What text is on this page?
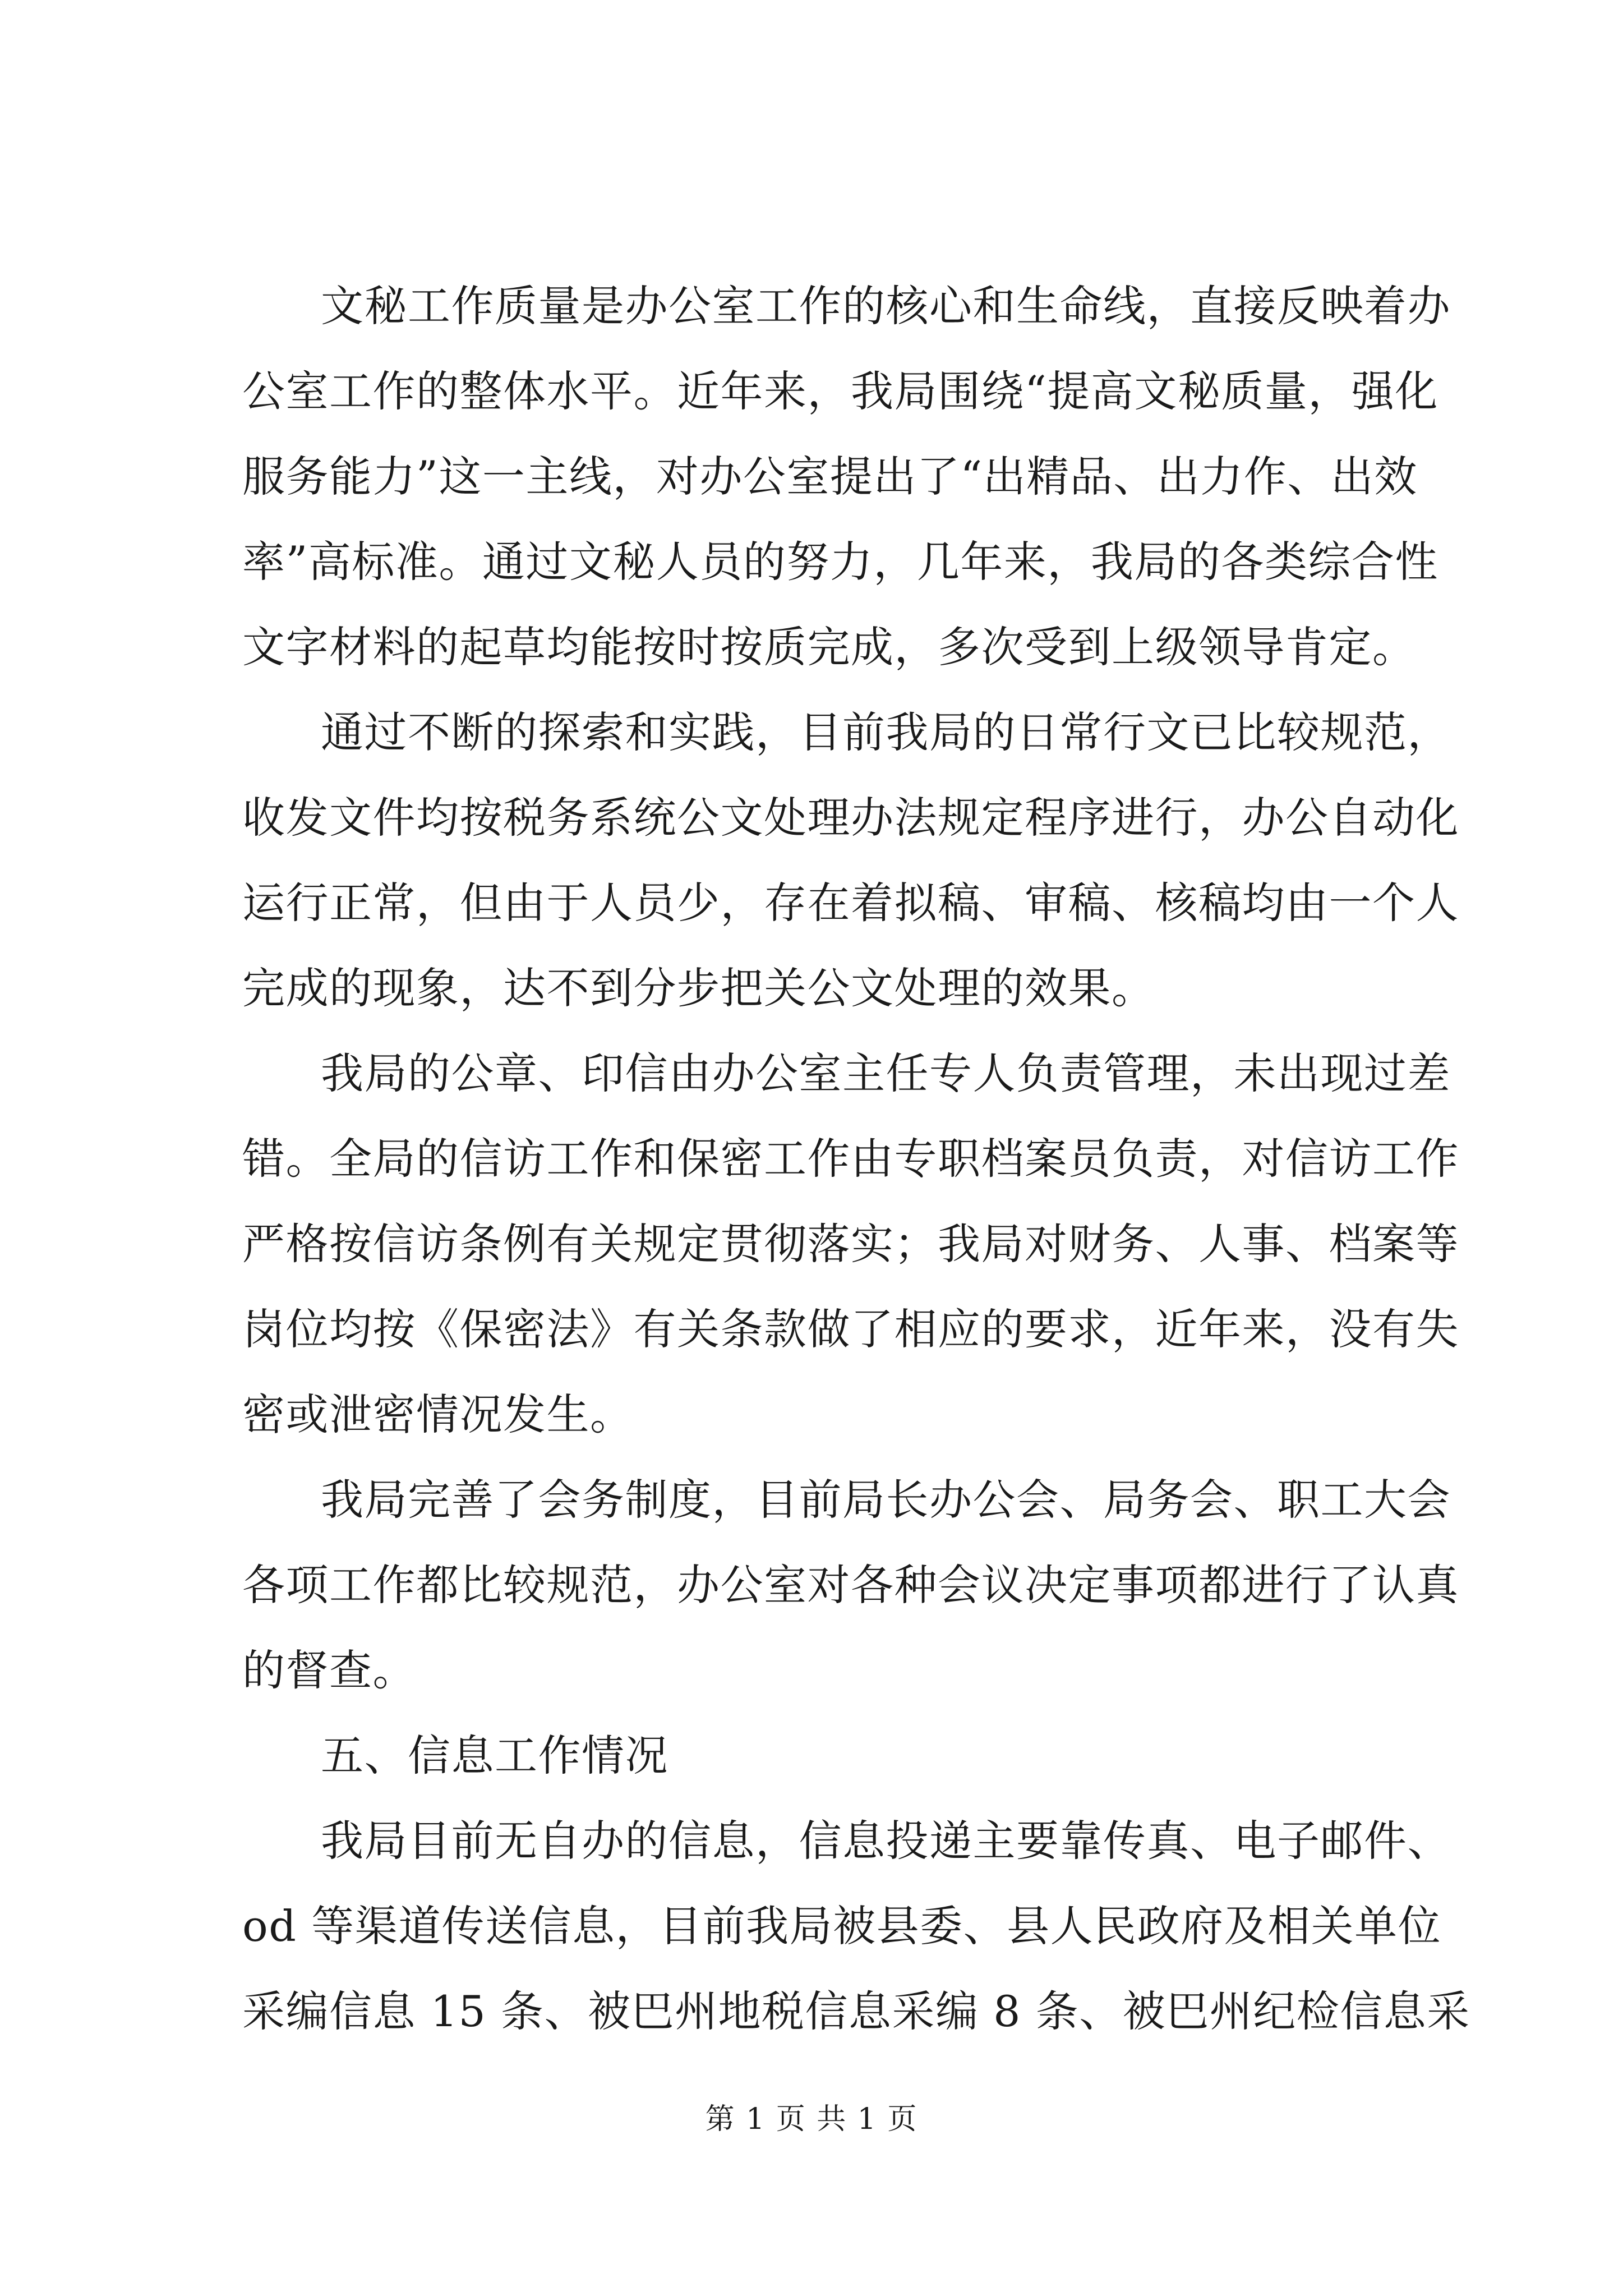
文秘工作质量是办公室工作的核心和生命线，直接反映着办
公室工作的整体水平。近年来，我局围绕“提高文秘质量，强化
服务能力”这一主线，对办公室提出了“出精品、出力作、出效
率”高标准。通过文秘人员的努力，几年来，我局的各类综合性
文字材料的起草均能按时按质完成，多次受到上级领导肯定。
通过不断的探索和实践，目前我局的日常行文已比较规范，
收发文件均按税务系统公文处理办法规定程序进行，办公自动化
运行正常，但由于人员少，存在着拟稿、审稿、核稿均由一个人
完成的现象，达不到分步把关公文处理的效果。
我局的公章、印信由办公室主任专人负责管理，未出现过差
错。全局的信访工作和保密工作由专职档案员负责，对信访工作
严格按信访条例有关规定贯彻落实；我局对财务、人事、档案等
岗位均按《保密法》有关条款做了相应的要求，近年来，没有失
密或泄密情况发生。
我局完善了会务制度，目前局长办公会、局务会、职工大会
各项工作都比较规范，办公室对各种会议决定事项都进行了认真
的督查。
五、信息工作情况
我局目前无自办的信息，信息投递主要靠传真、电子邮件、
od 等渠道传送信息，目前我局被县委、县人民政府及相关单位
采编信息 15 条、被巴州地税信息采编 8 条、被巴州纪检信息采
第 1 页 共 1 页
